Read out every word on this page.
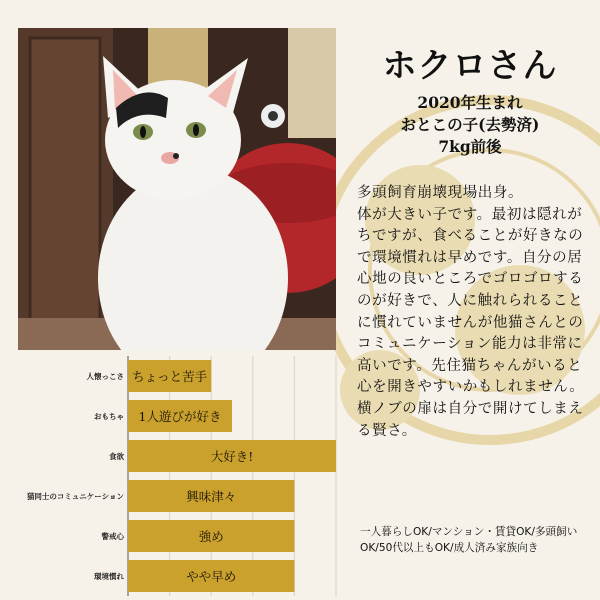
ホクロさん
2020年生まれ
おとこの子(去勢済)
7kg前後

多頭飼育崩壊現場出身。

体が大きい子です。最初は隠れがちですが、食べることが好きなので環境慣れは早めです。自分の居心地の良いところでゴロゴロするのが好きで、人に触れられることに慣れていませんが他猫さんとのコミュニケーション能力は非常に高いです。先住猫ちゃんがいると心を開きやすいかもしれません。横ノブの扉は自分で開けてしまえる賢さ。

一人暮らしOK/マンション・賃貸OK/多頭飼いOK/50代以上もOK/成人済み家族向き
人懐っこさ ちょっと苦手
おもちゃ 1人遊びが好き
食欲	大好き!
猫同士のコミュニケーション	興味津々
警戒心	強め
環境慣れ	やや早め
